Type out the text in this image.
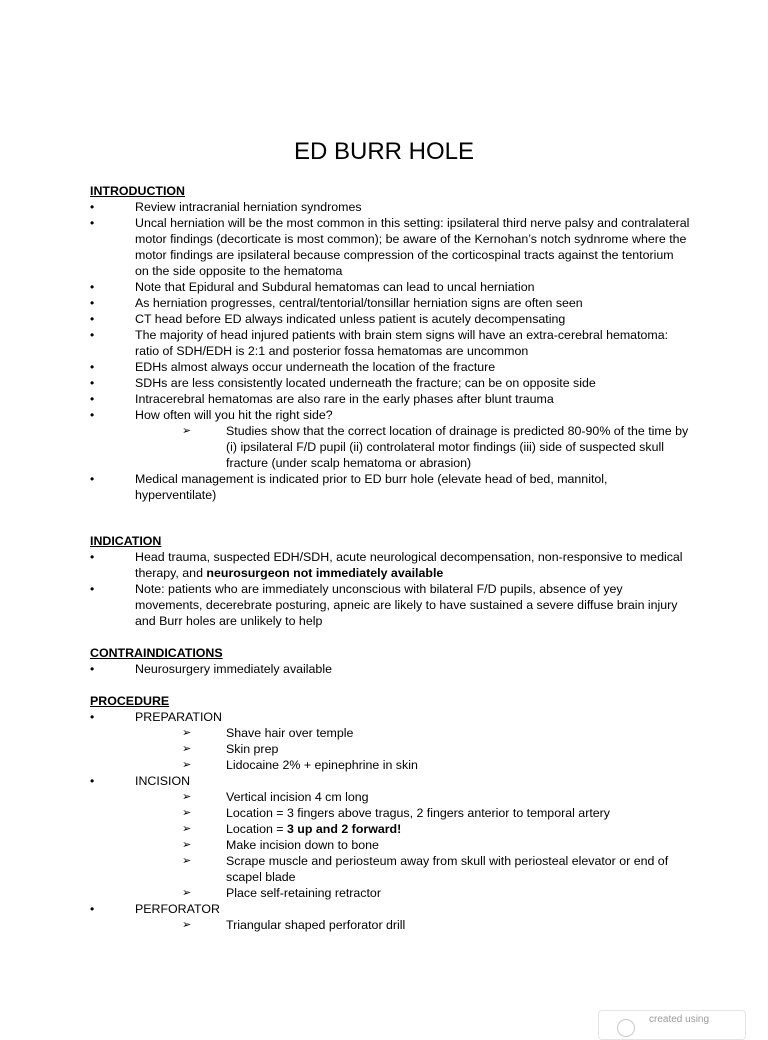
ED BURR HOLE
INTRODUCTION
• Review intracranial herniation syndromes
• Uncal herniation will be the most common in this setting: ipsilateral third nerve palsy and contralateral motor findings (decorticate is most common); be aware of the Kernohan’s notch sydnrome where the motor findings are ipsilateral because compression of the corticospinal tracts against the tentorium on the side opposite to the hematoma
• Note that Epidural and Subdural hematomas can lead to uncal herniation
• As herniation progresses, central/tentorial/tonsillar herniation signs are often seen
• CT head before ED always indicated unless patient is acutely decompensating
• The majority of head injured patients with brain stem signs will have an extra-cerebral hematoma: ratio of SDH/EDH is 2:1 and posterior fossa hematomas are uncommon
• EDHs almost always occur underneath the location of the fracture
• SDHs are less consistently located underneath the fracture; can be on opposite side
• Intracerebral hematomas are also rare in the early phases after blunt trauma
• How often will you hit the right side?
➢ Studies show that the correct location of drainage is predicted 80-90% of the time by (i) ipsilateral F/D pupil (ii) controlateral motor findings (iii) side of suspected skull fracture (under scalp hematoma or abrasion)
• Medical management is indicated prior to ED burr hole (elevate head of bed, mannitol, hyperventilate)
INDICATION
• Head trauma, suspected EDH/SDH, acute neurological decompensation, non-responsive to medical therapy, and neurosurgeon not immediately available
• Note: patients who are immediately unconscious with bilateral F/D pupils, absence of yey movements, decerebrate posturing, apneic are likely to have sustained a severe diffuse brain injury and Burr holes are unlikely to help
CONTRAINDICATIONS
• Neurosurgery immediately available
PROCEDURE
• PREPARATION
➢ Shave hair over temple
➢ Skin prep
➢ Lidocaine 2% + epinephrine in skin
• INCISION
➢ Vertical incision 4 cm long
➢ Location = 3 fingers above tragus, 2 fingers anterior to temporal artery
➢ Location = 3 up and 2 forward!
➢ Make incision down to bone
➢ Scrape muscle and periosteum away from skull with periosteal elevator or end of scapel blade
➢ Place self-retaining retractor
• PERFORATOR
➢ Triangular shaped perforator drill
created using
